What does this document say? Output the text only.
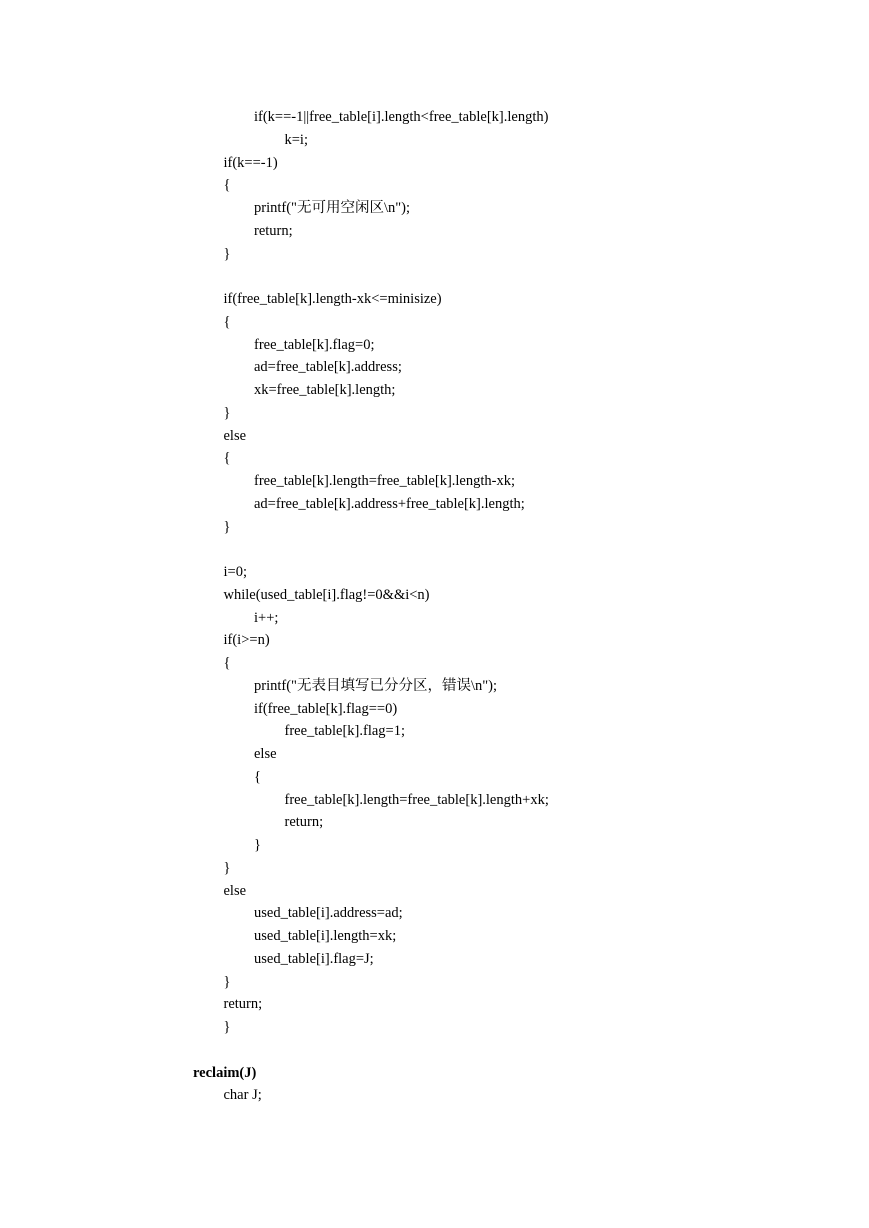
if(k==-1||free_table[i].length<free_table[k].length)
k=i;
if(k==-1)
{
printf("无可用空闲区\n");
return;
}
if(free_table[k].length-xk<=minisize)
{
free_table[k].flag=0;
ad=free_table[k].address;
xk=free_table[k].length;
}
else
{
free_table[k].length=free_table[k].length-xk;
ad=free_table[k].address+free_table[k].length;
}
i=0;
while(used_table[i].flag!=0&&i<n)
i++;
if(i>=n)
{
printf("无表目填写已分分区，错误\n");
if(free_table[k].flag==0)
free_table[k].flag=1;
else
{
free_table[k].length=free_table[k].length+xk;
return;
}
}
else
used_table[i].address=ad;
used_table[i].length=xk;
used_table[i].flag=J;
}
return;
}
reclaim(J)
char J;
